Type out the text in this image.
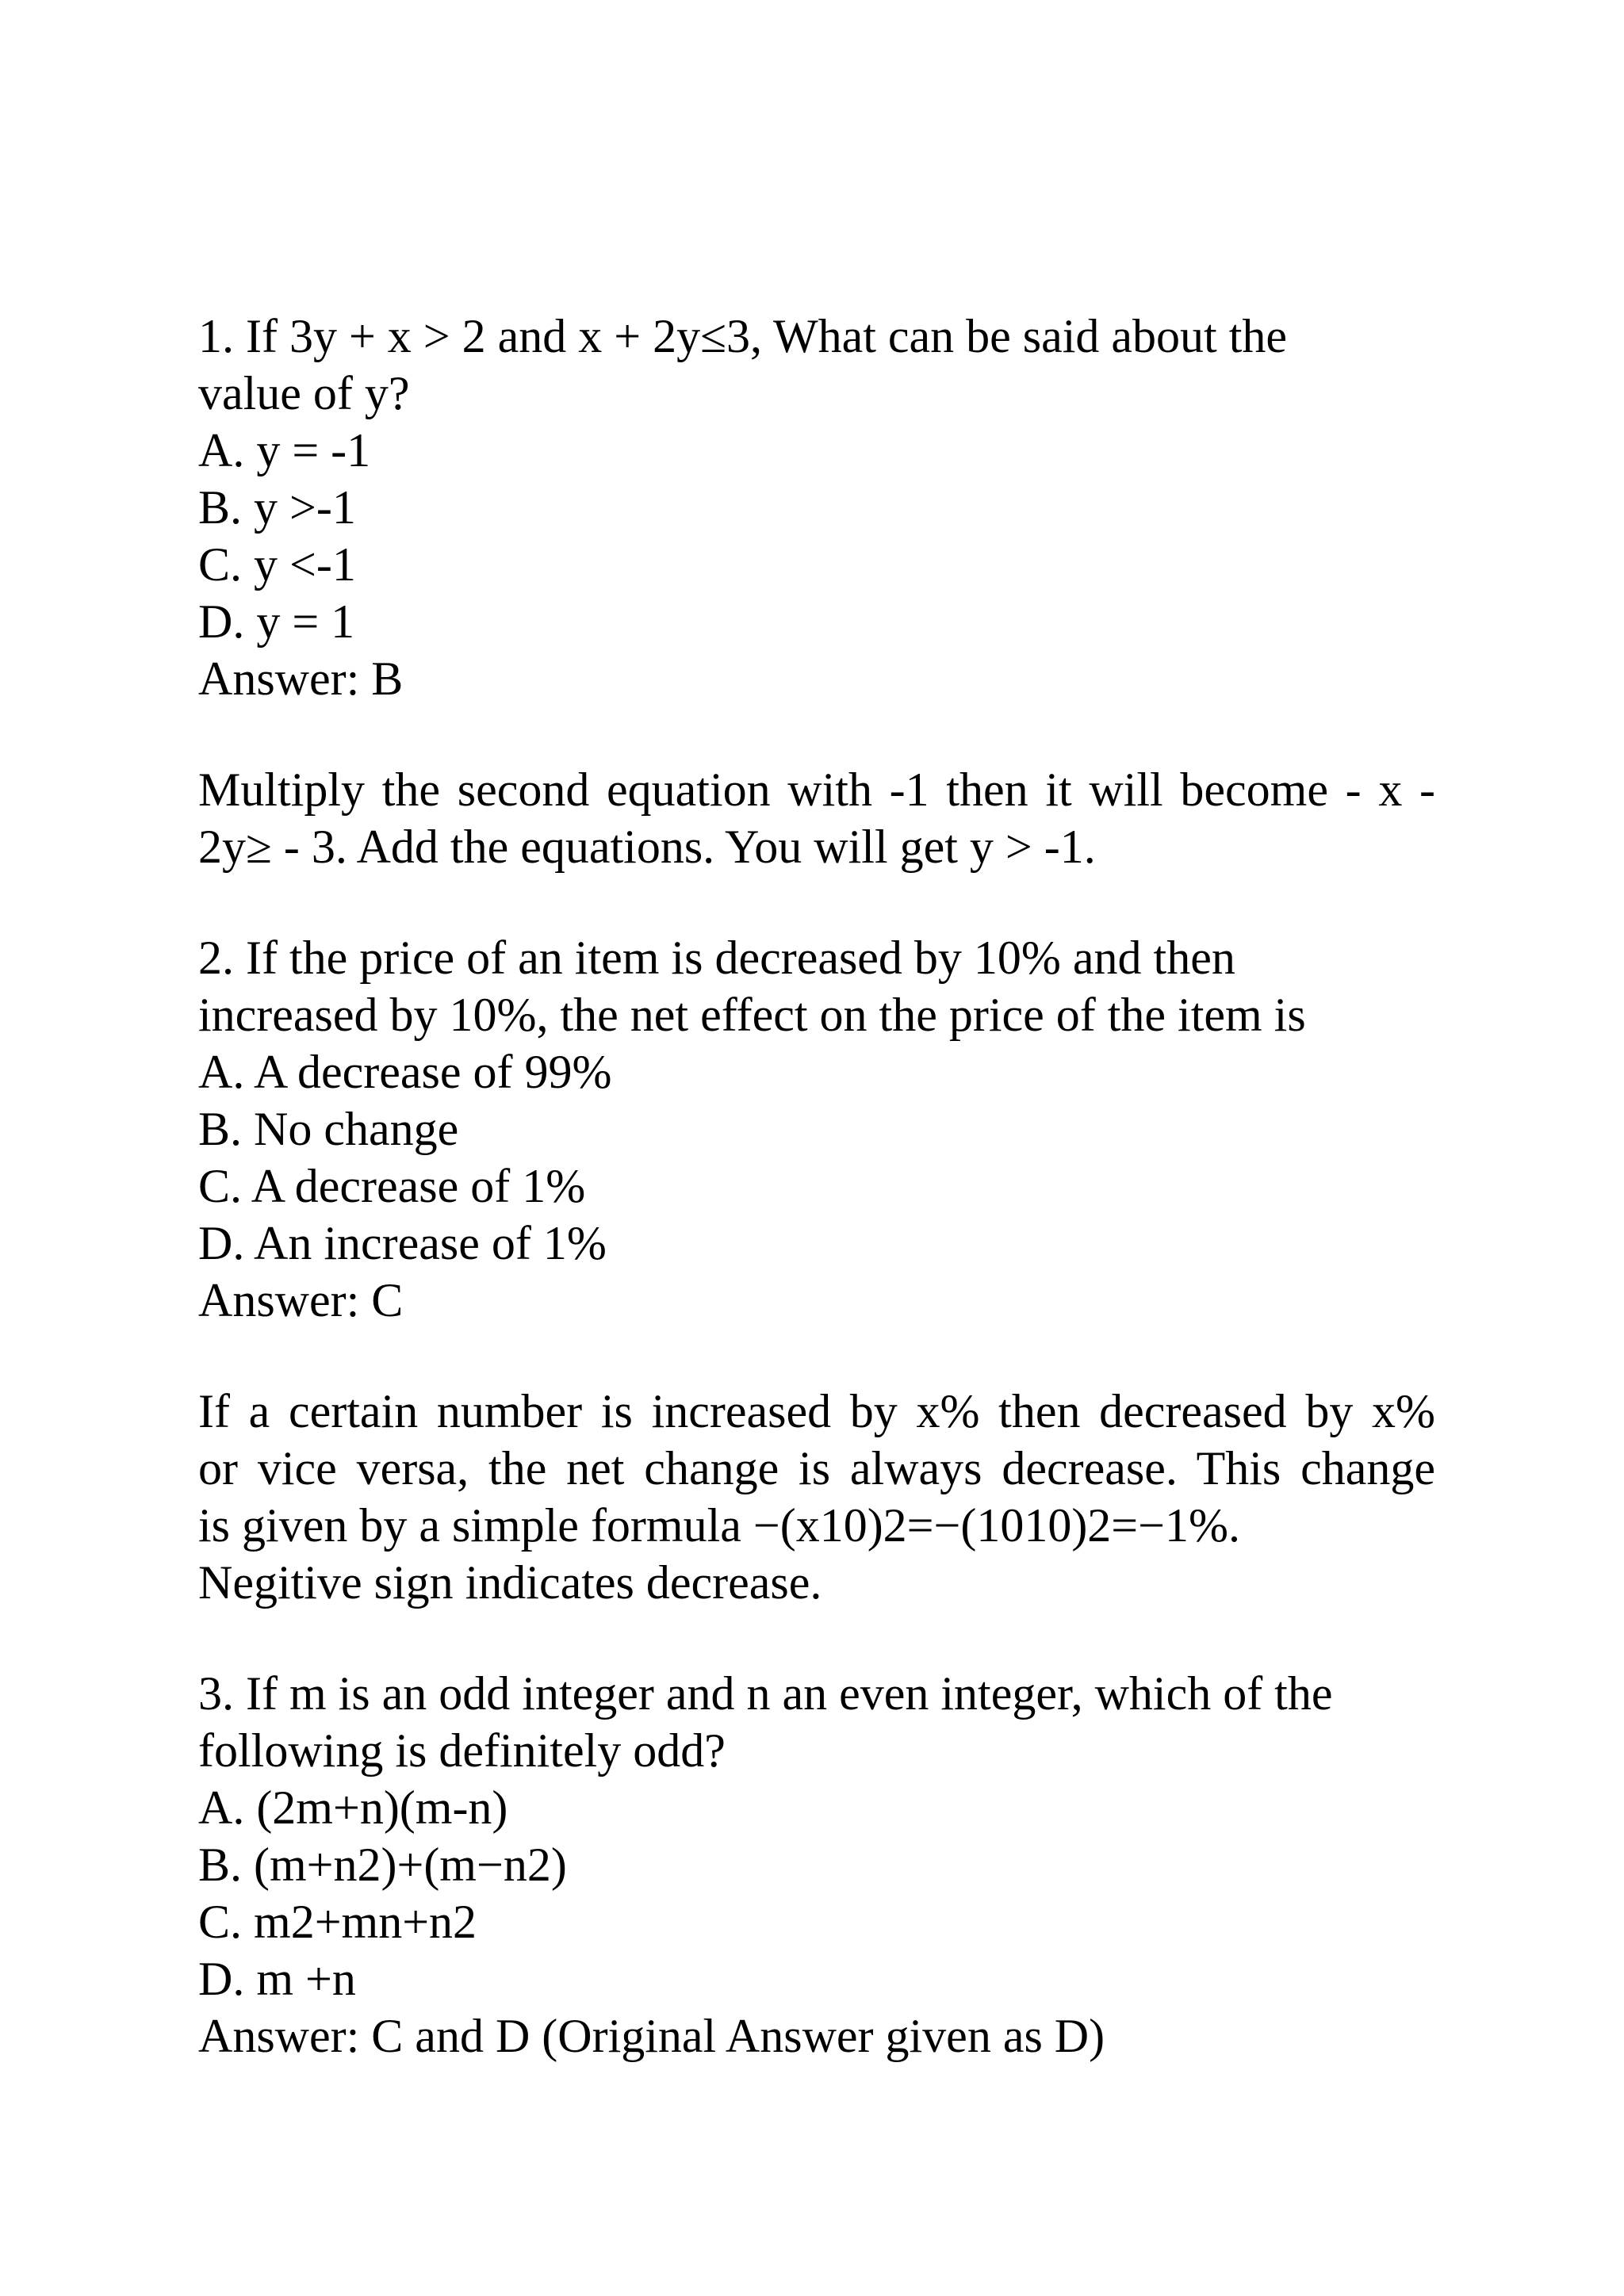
1. If 3y + x > 2 and x + 2y≤3, What can be said about the
value of y?
A. y = -1
B. y >-1
C. y <-1
D. y = 1
Answer: B
Multiply the second equation with -1 then it will become - x -
2y≥ - 3. Add the equations. You will get y > -1.
2. If the price of an item is decreased by 10% and then
increased by 10%, the net effect on the price of the item is
A. A decrease of 99%
B. No change
C. A decrease of 1%
D. An increase of 1%
Answer: C
If a certain number is increased by x% then decreased by x%
or vice versa, the net change is always decrease. This change
is given by a simple formula −(x10)2=−(1010)2=−1%.
Negitive sign indicates decrease.
3. If m is an odd integer and n an even integer, which of the
following is definitely odd?
A. (2m+n)(m-n)
B. (m+n2)+(m−n2)
C. m2+mn+n2
D. m +n
Answer: C and D (Original Answer given as D)
